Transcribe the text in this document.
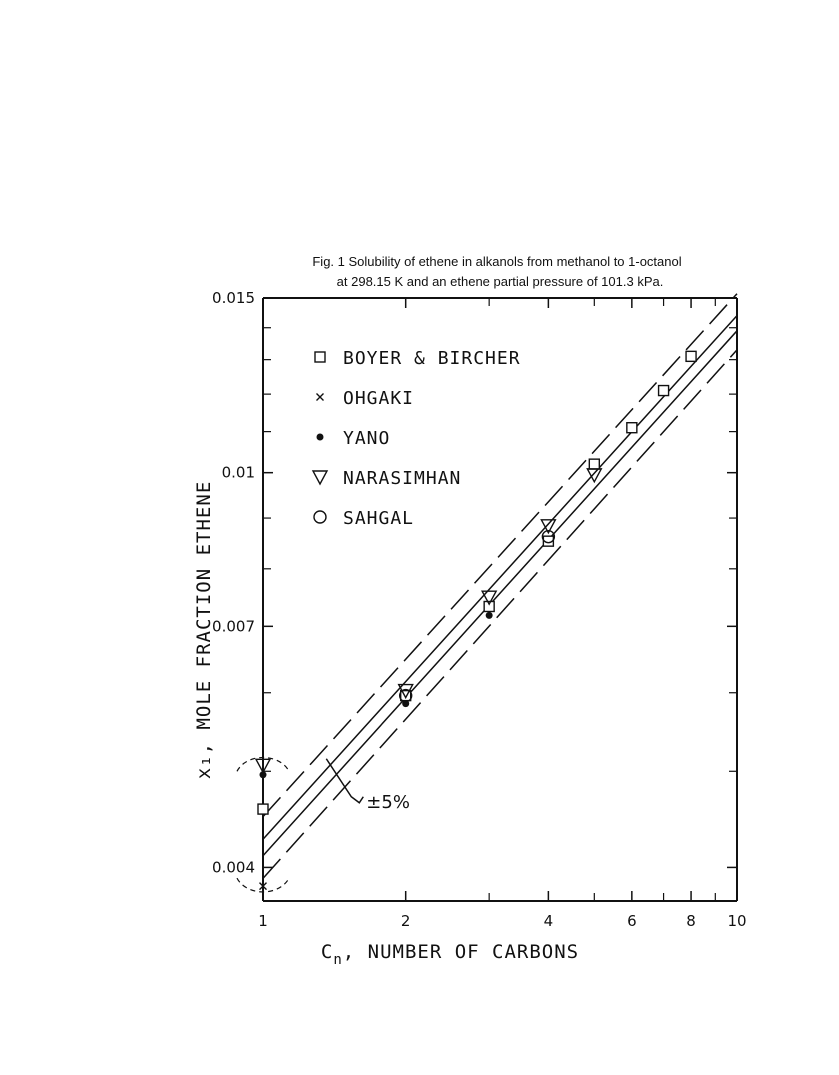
Fig. 1 Solubility of ethene in alkanols from methanol to 1-octanol
at 298.15 K and an ethene partial pressure of 101.3 kPa.
1	2	4	6	8 10
0.004
0.007
0.01
0.015
BOYER & BIRCHER
OHGAKI
YANO
NARASIMHAN
SAHGAL
±5%
$C_n$, NUMBER OF CARBONS
x₁, MOLE FRACTION ETHENE
